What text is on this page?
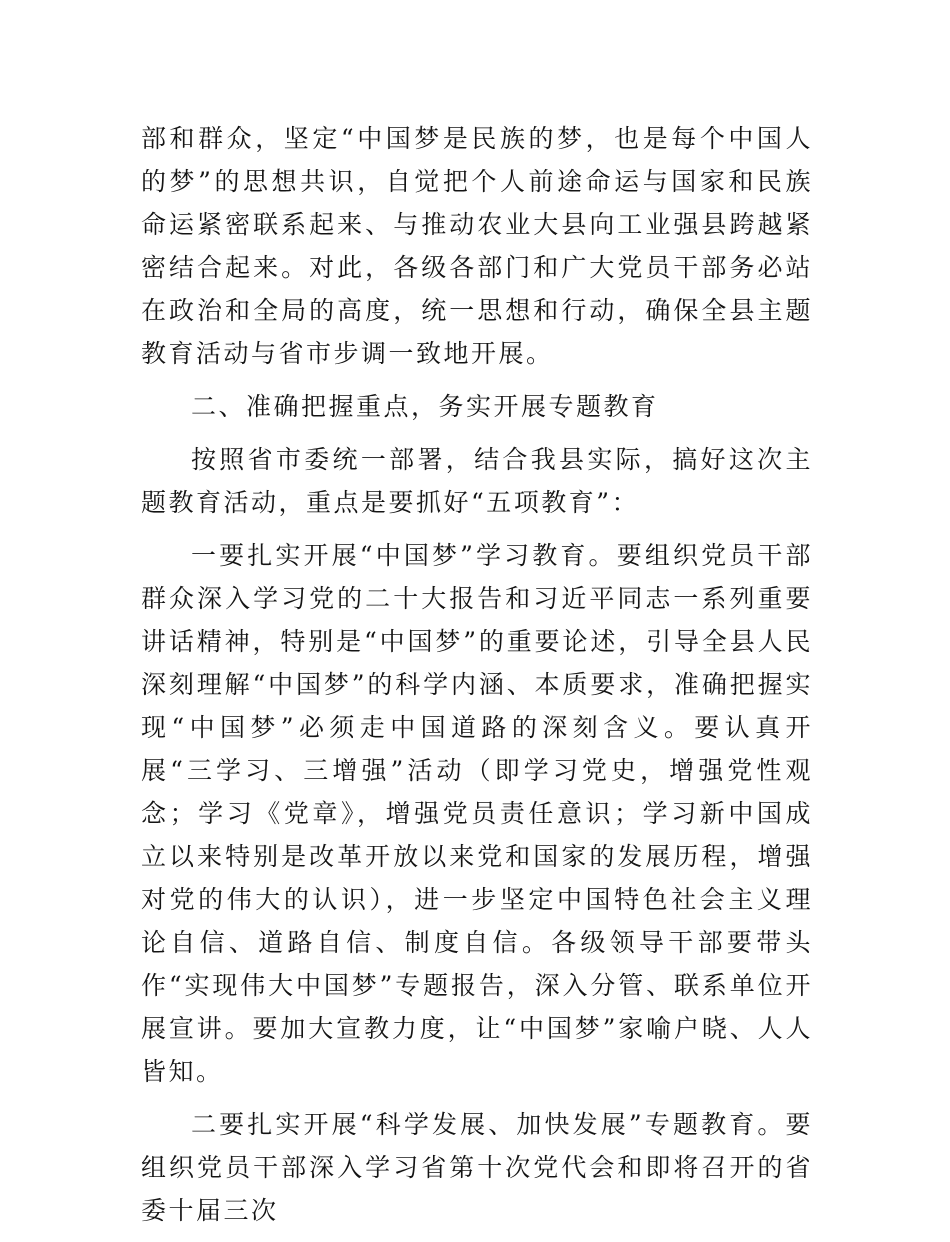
部和群众，坚定“中国梦是民族的梦，也是每个中国人的梦”的思想共识，自觉把个人前途命运与国家和民族命运紧密联系起来、与推动农业大县向工业强县跨越紧密结合起来。对此，各级各部门和广大党员干部务必站在政治和全局的高度，统一思想和行动，确保全县主题教育活动与省市步调一致地开展。

二、准确把握重点，务实开展专题教育

按照省市委统一部署，结合我县实际，搞好这次主题教育活动，重点是要抓好“五项教育”：

一要扎实开展“中国梦”学习教育。要组织党员干部群众深入学习党的二十大报告和习近平同志一系列重要讲话精神，特别是“中国梦”的重要论述，引导全县人民深刻理解“中国梦”的科学内涵、本质要求，准确把握实现“中国梦”必须走中国道路的深刻含义。要认真开展“三学习、三增强”活动（即学习党史，增强党性观念；学习《党章》，增强党员责任意识；学习新中国成立以来特别是改革开放以来党和国家的发展历程，增强对党的伟大的认识），进一步坚定中国特色社会主义理论自信、道路自信、制度自信。各级领导干部要带头作“实现伟大中国梦”专题报告，深入分管、联系单位开展宣讲。要加大宣教力度，让“中国梦”家喻户晓、人人皆知。

二要扎实开展“科学发展、加快发展”专题教育。要组织党员干部深入学习省第十次党代会和即将召开的省委十届三次
